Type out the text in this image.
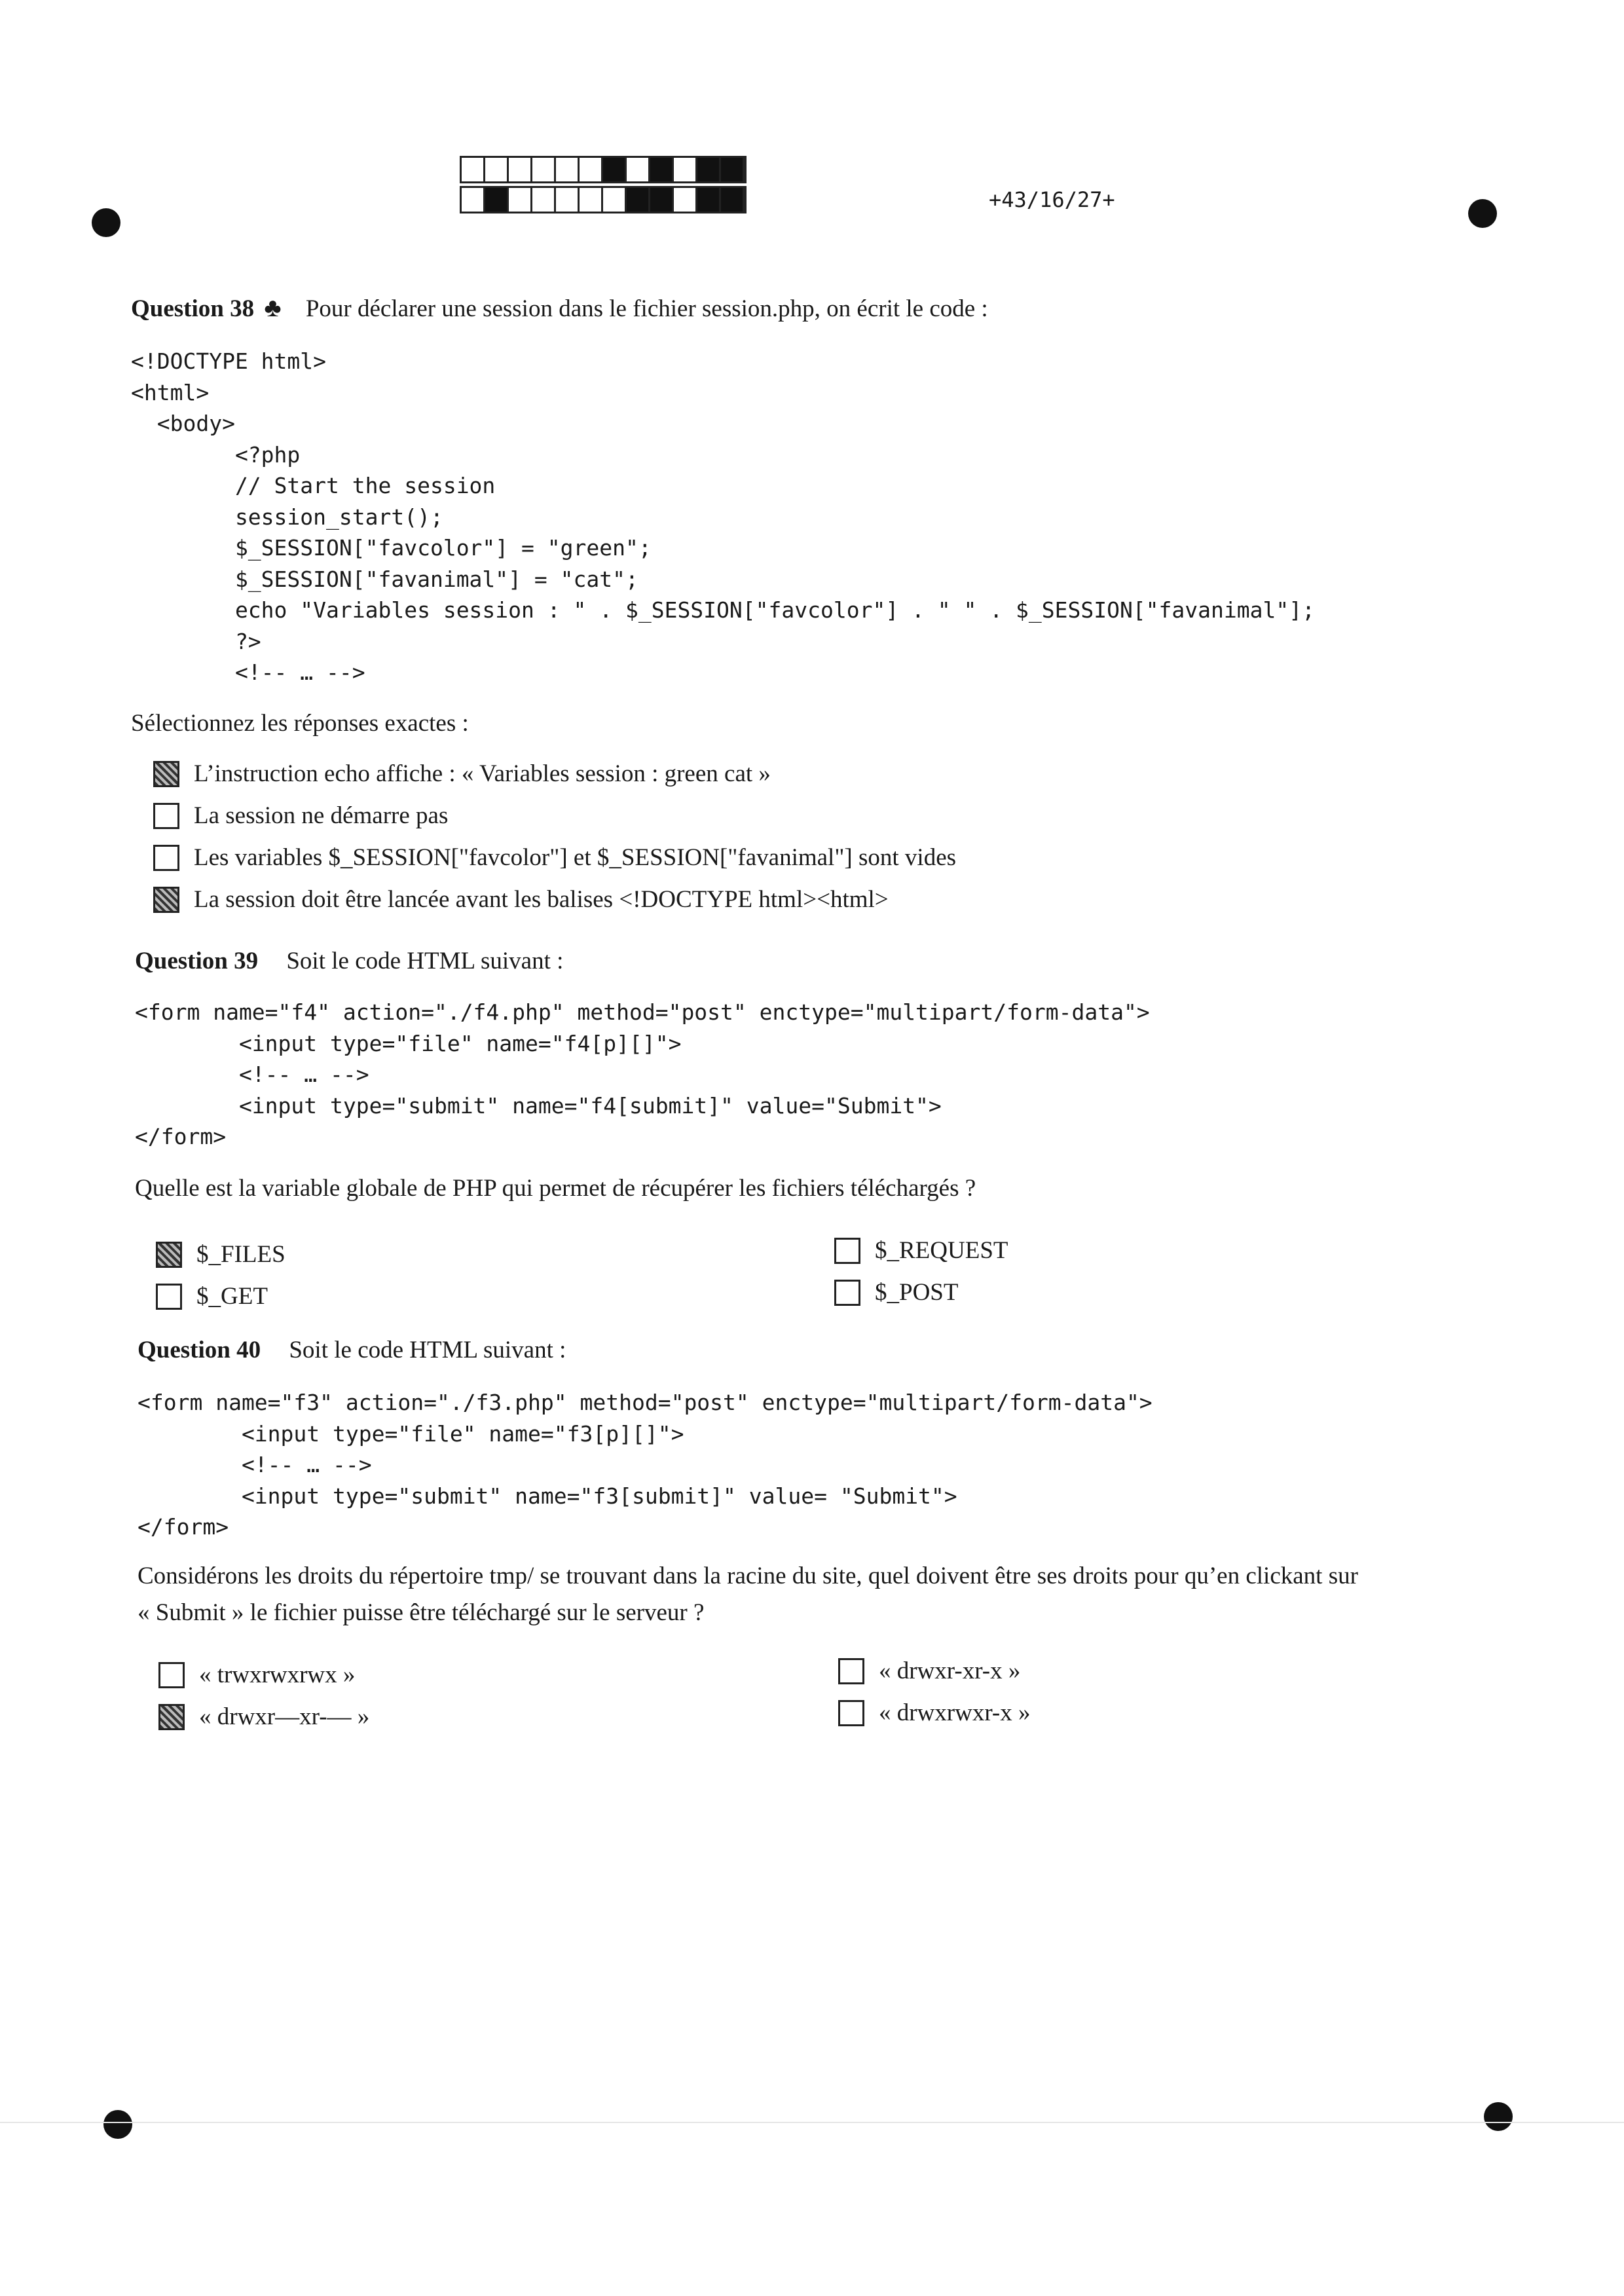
+43/16/27+
Question 38 ♣ Pour déclarer une session dans le fichier session.php, on écrit le code :
<!DOCTYPE html>
<html>
<body>
<?php
// Start the session
session_start();
$_SESSION["favcolor"] = "green";
$_SESSION["favanimal"] = "cat";
echo "Variables session : " . $_SESSION["favcolor"] . " " . $_SESSION["favanimal"];
?>
<!-- … -->
Sélectionnez les réponses exactes :
L’instruction echo affiche : « Variables session : green cat »
La session ne démarre pas
Les variables $_SESSION["favcolor"] et $_SESSION["favanimal"] sont vides
La session doit être lancée avant les balises <!DOCTYPE html><html>
Question 39 Soit le code HTML suivant :
<form name="f4" action="./f4.php" method="post" enctype="multipart/form-data">
<input type="file" name="f4[p][]">
<!-- … -->
<input type="submit" name="f4[submit]" value="Submit">
</form>
Quelle est la variable globale de PHP qui permet de récupérer les fichiers téléchargés ?
$_FILES
$_GET
$_REQUEST
$_POST
Question 40 Soit le code HTML suivant :
<form name="f3" action="./f3.php" method="post" enctype="multipart/form-data">
<input type="file" name="f3[p][]">
<!-- … -->
<input type="submit" name="f3[submit]" value= "Submit">
</form>
Considérons les droits du répertoire tmp/ se trouvant dans la racine du site, quel doivent être ses droits pour qu’en clickant sur
« Submit » le fichier puisse être téléchargé sur le serveur ?
« trwxrwxrwx »
« drwxr—xr-— »
« drwxr-xr-x »
« drwxrwxr-x »
